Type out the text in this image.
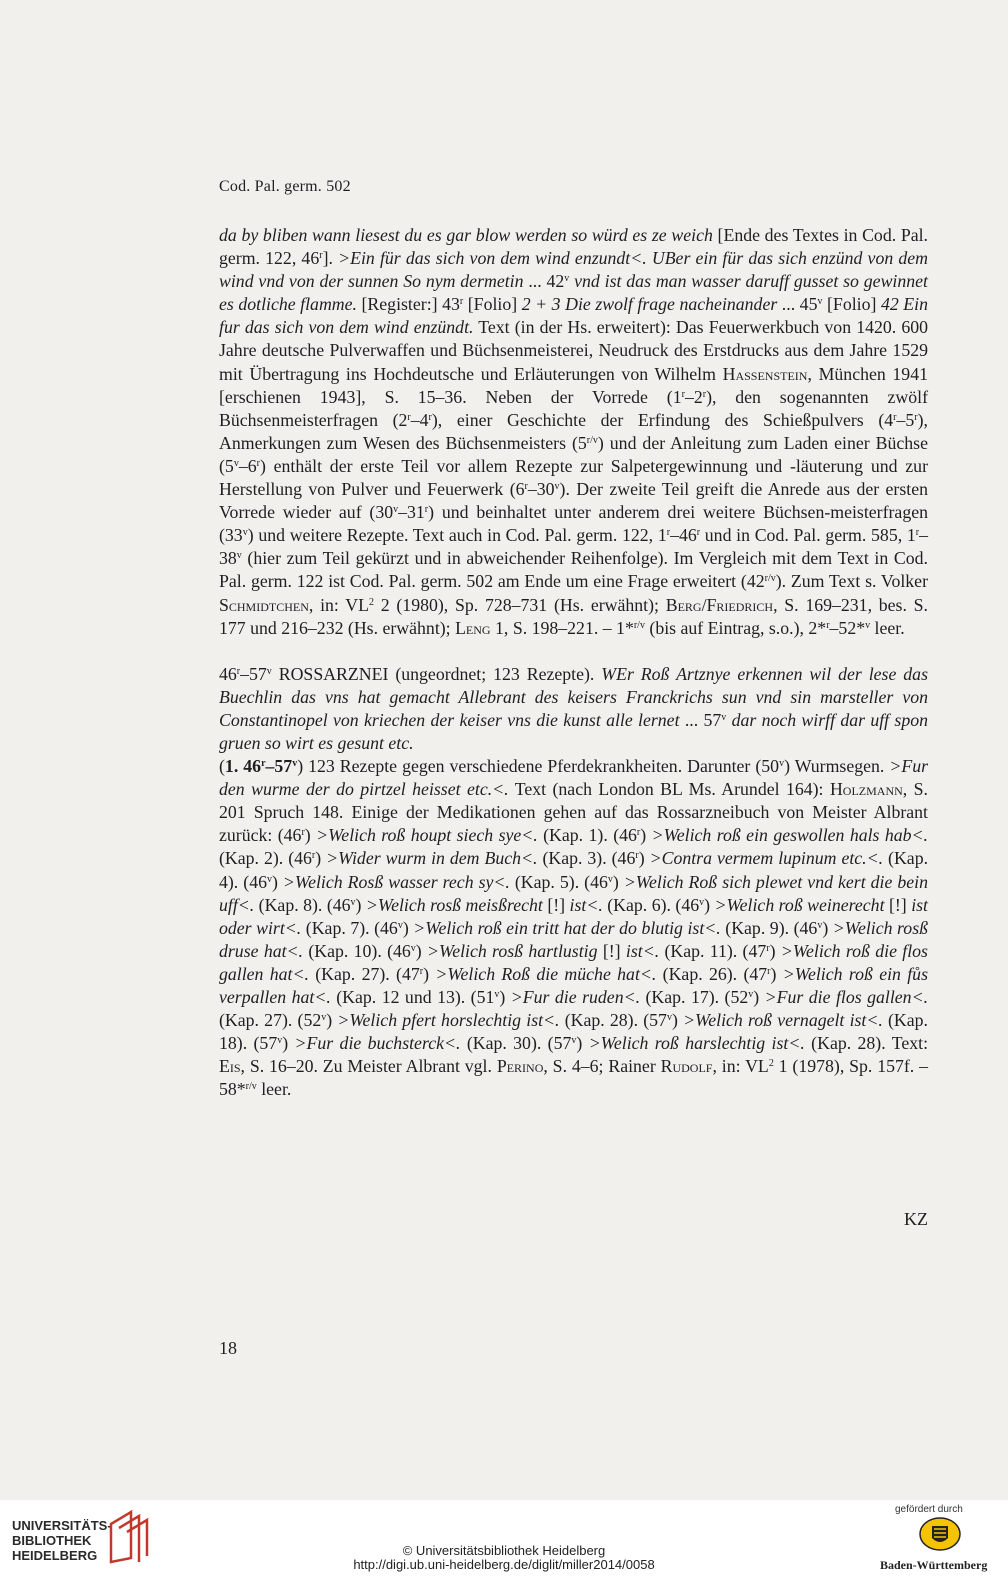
Cod. Pal. germ. 502

da by bliben wann liesest du es gar blow werden so würd es ze weich [Ende des Textes in Cod. Pal. germ. 122, $46^r$]. >Ein für das sich von dem wind enzundt<. UBer ein für das sich enzünd von dem wind vnd von der sunnen So nym dermetin ... 42$^v$ vnd ist das man wasser daruff gusset so gewinnet es dotliche flamme. [Register:] 43$^r$ [Folio] 2 + 3 Die zwolf frage nacheinander ... 45$^v$ [Folio] 42 Ein fur das sich von dem wind enzündt. Text (in der Hs. erweitert): Das Feuerwerkbuch von 1420. 600 Jahre deutsche Pulverwaffen und Büchsenmeisterei, Neudruck des Erstdrucks aus dem Jahre 1529 mit Übertragung ins Hochdeutsche und Erläuterungen von Wilhelm Hassenstein, München 1941 [erschienen 1943], S. 15–36. Neben der Vorrede (1$^r$–2$^r$), den sogenannten zwölf Büchsenmeisterfragen (2$^r$–4$^r$), einer Geschichte der Erfindung des Schießpulvers (4$^r$–5$^r$), Anmerkungen zum Wesen des Büchsenmeisters $(5^{r/v})$ und der Anleitung zum Laden einer Büchse (5$^v$–6$^r$) enthält der erste Teil vor allem Rezepte zur Salpetergewinnung und -läuterung und zur Herstellung von Pulver und Feuerwerk (6$^r$–30$^v$). Der zweite Teil greift die Anrede aus der ersten Vorrede wieder auf (30$^v$–31$^r$) und beinhaltet unter anderem drei weitere Büchsen-meisterfragen (33$^v$) und weitere Rezepte. Text auch in Cod. Pal. germ. 122, 1$^r$–46$^r$ und in Cod. Pal. germ. 585, 1$^r$–38$^v$ (hier zum Teil gekürzt und in abweichender Reihenfolge). Im Vergleich mit dem Text in Cod. Pal. germ. 122 ist Cod. Pal. germ. 502 am Ende um eine Frage erweitert $(42^{r/v})$. Zum Text s. Volker Schmidtchen, in: $VL^2$ 2 (1980), Sp. 728–731 (Hs. erwähnt); Berg/Friedrich, S. 169–231, bes. S. 177 und 216–232 (Hs. erwähnt); Leng 1, S. 198–221. – 1*$^{r/v}$ (bis auf Eintrag, s.o.), 2*$^r$–52*$^v$ leer.

46$^r$–57$^v$ ROSSARZNEI (ungeordnet; 123 Rezepte). WEr Roß Artznye erkennen wil der lese das Buechlin das vns hat gemacht Allebrant des keisers Franckrichs sun vnd sin marsteller von Constantinopel von kriechen der keiser vns die kunst alle lernet ... 57$^v$ dar noch wirff dar uff spon gruen so wirt es gesunt etc.

(1. 46$^r$–57$^v$) 123 Rezepte gegen verschiedene Pferdekrankheiten. Darunter (50$^v$) Wurmsegen. >Fur den wurme der do pirtzel heisset etc.<. Text (nach London BL Ms. Arundel 164): Holzmann, S. 201 Spruch 148. Einige der Medikationen gehen auf das Rossarzneibuch von Meister Albrant zurück: $(46^r)$ >Welich roß houpt siech sye<. (Kap. 1). $(46^r)$ >Welich roß ein geswollen hals hab<. (Kap. 2). $(46^r)$ >Wider wurm in dem Buch<. (Kap. 3). $(46^r)$ >Contra vermem lupinum etc.<. (Kap. 4). $(46^v)$ >Welich Rosß wasser rech sy<. (Kap. 5). $(46^v)$ >Welich Roß sich plewet vnd kert die bein uff<. (Kap. 8). $(46^v)$ >Welich rosß meisßrecht [!] ist<. (Kap. 6). $(46^v)$ >Welich roß weinerecht [!] ist oder wirt<. (Kap. 7). $(46^v)$ >Welich roß ein tritt hat der do blutig ist<. (Kap. 9). $(46^v)$ >Welich rosß druse hat<. (Kap. 10). $(46^v)$ >Welich rosß hartlustig [!] ist<. (Kap. 11). $(47^r)$ >Welich roß die flos gallen hat<. (Kap. 27). $(47^r)$ >Welich Roß die müche hat<. (Kap. 26). $(47^r)$ >Welich roß ein fůs verpallen hat<. (Kap. 12 und 13). $(51^v) >Fur$ die ruden<. (Kap. 17). $(52^v) >Fur$ die flos gallen<. (Kap. 27). $(52^v)$ >Welich pfert horslechtig ist<. (Kap. 28). $(57^v)$ >Welich roß vernagelt ist<. (Kap. 18). $(57^v) >Fur$ die buchsterck<. (Kap. 30). $(57^v)$ >Welich roß harslechtig ist<. (Kap. 28). Text: Eis, S. 16–20. Zu Meister Albrant vgl. Perino, S. 4–6; Rainer Rudolf, in: $VL^2$ 1 (1978), Sp. 157f. – 58*$^{r/v}$ leer.

KZ
18
UNIVERSITÄTS-
BIBLIOTHEK
HEIDELBERG	© Universitätsbibliothek Heidelberg
http://digi.ub.uni-heidelberg.de/diglit/miller2014/0058
gefördert durch
Baden-Württemberg
